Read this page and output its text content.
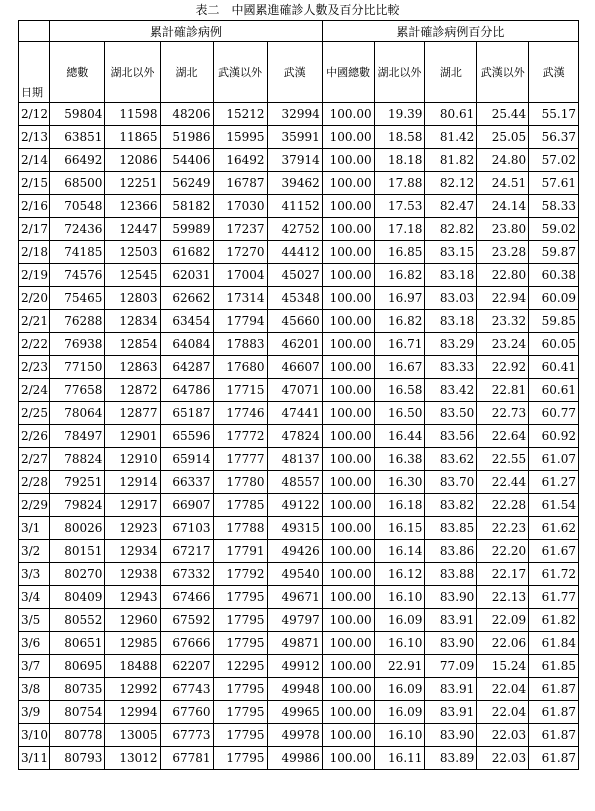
表二　中國累進確診人數及百分比比較
	累計確診病例					累計確診病例百分比				
日期	總數	湖北以外	湖北	武漢以外	武漢	中國總數	湖北以外	湖北	武漢以外	武漢
2/12	59804	11598	48206	15212	32994	100.00	19.39	80.61	25.44	55.17
2/13	63851	11865	51986	15995	35991	100.00	18.58	81.42	25.05	56.37
2/14	66492	12086	54406	16492	37914	100.00	18.18	81.82	24.80	57.02
2/15	68500	12251	56249	16787	39462	100.00	17.88	82.12	24.51	57.61
2/16	70548	12366	58182	17030	41152	100.00	17.53	82.47	24.14	58.33
2/17	72436	12447	59989	17237	42752	100.00	17.18	82.82	23.80	59.02
2/18	74185	12503	61682	17270	44412	100.00	16.85	83.15	23.28	59.87
2/19	74576	12545	62031	17004	45027	100.00	16.82	83.18	22.80	60.38
2/20	75465	12803	62662	17314	45348	100.00	16.97	83.03	22.94	60.09
2/21	76288	12834	63454	17794	45660	100.00	16.82	83.18	23.32	59.85
2/22	76938	12854	64084	17883	46201	100.00	16.71	83.29	23.24	60.05
2/23	77150	12863	64287	17680	46607	100.00	16.67	83.33	22.92	60.41
2/24	77658	12872	64786	17715	47071	100.00	16.58	83.42	22.81	60.61
2/25	78064	12877	65187	17746	47441	100.00	16.50	83.50	22.73	60.77
2/26	78497	12901	65596	17772	47824	100.00	16.44	83.56	22.64	60.92
2/27	78824	12910	65914	17777	48137	100.00	16.38	83.62	22.55	61.07
2/28	79251	12914	66337	17780	48557	100.00	16.30	83.70	22.44	61.27
2/29	79824	12917	66907	17785	49122	100.00	16.18	83.82	22.28	61.54
3/1	80026	12923	67103	17788	49315	100.00	16.15	83.85	22.23	61.62
3/2	80151	12934	67217	17791	49426	100.00	16.14	83.86	22.20	61.67
3/3	80270	12938	67332	17792	49540	100.00	16.12	83.88	22.17	61.72
3/4	80409	12943	67466	17795	49671	100.00	16.10	83.90	22.13	61.77
3/5	80552	12960	67592	17795	49797	100.00	16.09	83.91	22.09	61.82
3/6	80651	12985	67666	17795	49871	100.00	16.10	83.90	22.06	61.84
3/7	80695	18488	62207	12295	49912	100.00	22.91	77.09	15.24	61.85
3/8	80735	12992	67743	17795	49948	100.00	16.09	83.91	22.04	61.87
3/9	80754	12994	67760	17795	49965	100.00	16.09	83.91	22.04	61.87
3/10	80778	13005	67773	17795	49978	100.00	16.10	83.90	22.03	61.87
3/11	80793	13012	67781	17795	49986	100.00	16.11	83.89	22.03	61.87
